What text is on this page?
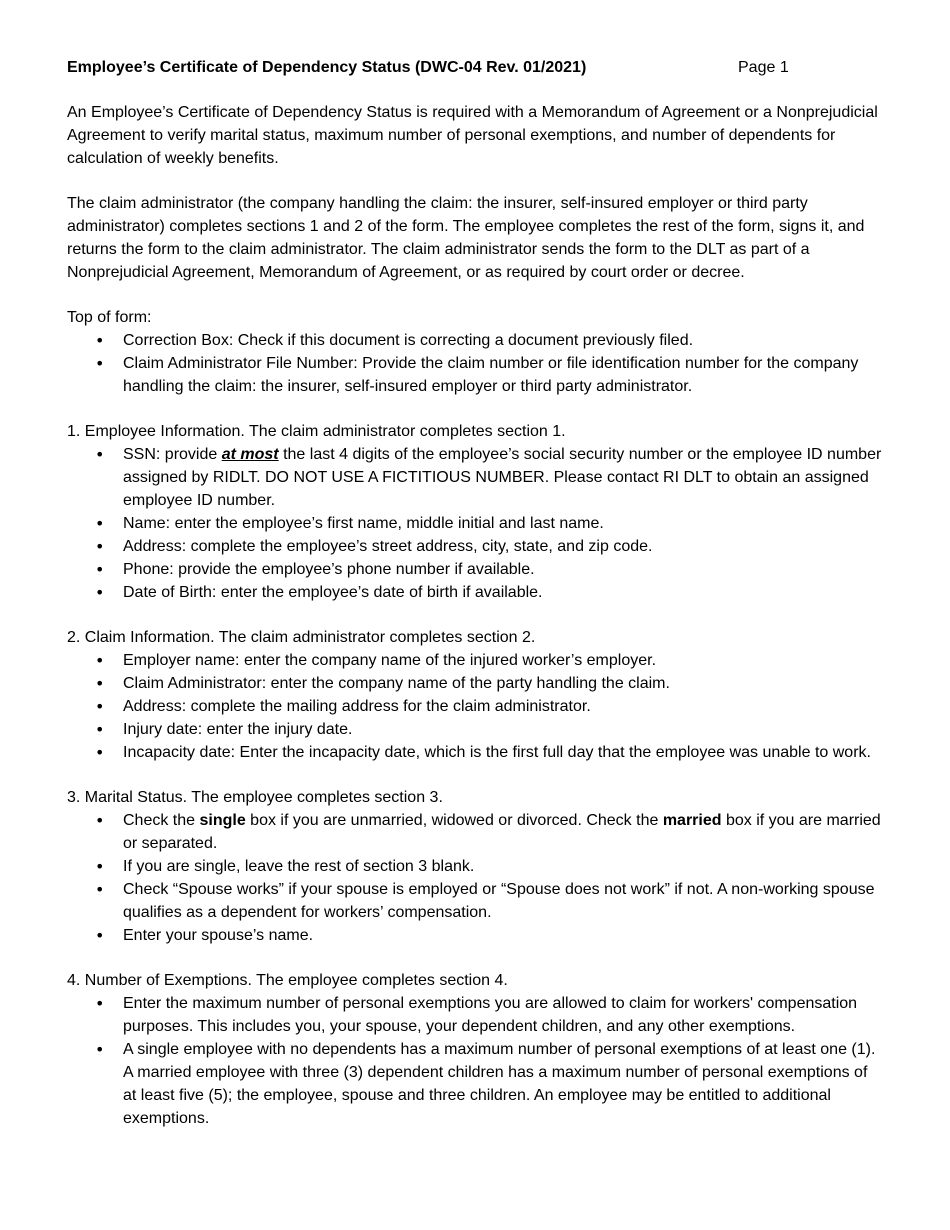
Employee’s Certificate of Dependency Status (DWC-04 Rev. 01/2021)	Page 1

An Employee’s Certificate of Dependency Status is required with a Memorandum of Agreement or a Nonprejudicial Agreement to verify marital status, maximum number of personal exemptions, and number of dependents for calculation of weekly benefits.

The claim administrator (the company handling the claim: the insurer, self-insured employer or third party administrator) completes sections 1 and 2 of the form. The employee completes the rest of the form, signs it, and returns the form to the claim administrator. The claim administrator sends the form to the DLT as part of a Nonprejudicial Agreement, Memorandum of Agreement, or as required by court order or decree.

Top of form:
• Correction Box: Check if this document is correcting a document previously filed.
• Claim Administrator File Number: Provide the claim number or file identification number for the company handling the claim: the insurer, self-insured employer or third party administrator.
1. Employee Information. The claim administrator completes section 1.
• SSN: provide at most the last 4 digits of the employee’s social security number or the employee ID number assigned by RIDLT. DO NOT USE A FICTITIOUS NUMBER. Please contact RI DLT to obtain an assigned employee ID number.
• Name: enter the employee’s first name, middle initial and last name.
• Address: complete the employee’s street address, city, state, and zip code.
• Phone: provide the employee’s phone number if available.
• Date of Birth: enter the employee’s date of birth if available.
2. Claim Information. The claim administrator completes section 2.
• Employer name: enter the company name of the injured worker’s employer.
• Claim Administrator: enter the company name of the party handling the claim.
• Address: complete the mailing address for the claim administrator.
• Injury date: enter the injury date.
• Incapacity date: Enter the incapacity date, which is the first full day that the employee was unable to work.
3. Marital Status. The employee completes section 3.
• Check the single box if you are unmarried, widowed or divorced. Check the married box if you are married or separated.
• If you are single, leave the rest of section 3 blank.
• Check “Spouse works” if your spouse is employed or “Spouse does not work” if not. A non-working spouse qualifies as a dependent for workers’ compensation.
• Enter your spouse’s name.
4. Number of Exemptions. The employee completes section 4.
• Enter the maximum number of personal exemptions you are allowed to claim for workers' compensation purposes. This includes you, your spouse, your dependent children, and any other exemptions.
• A single employee with no dependents has a maximum number of personal exemptions of at least one (1). A married employee with three (3) dependent children has a maximum number of personal exemptions of at least five (5); the employee, spouse and three children. An employee may be entitled to additional exemptions.
